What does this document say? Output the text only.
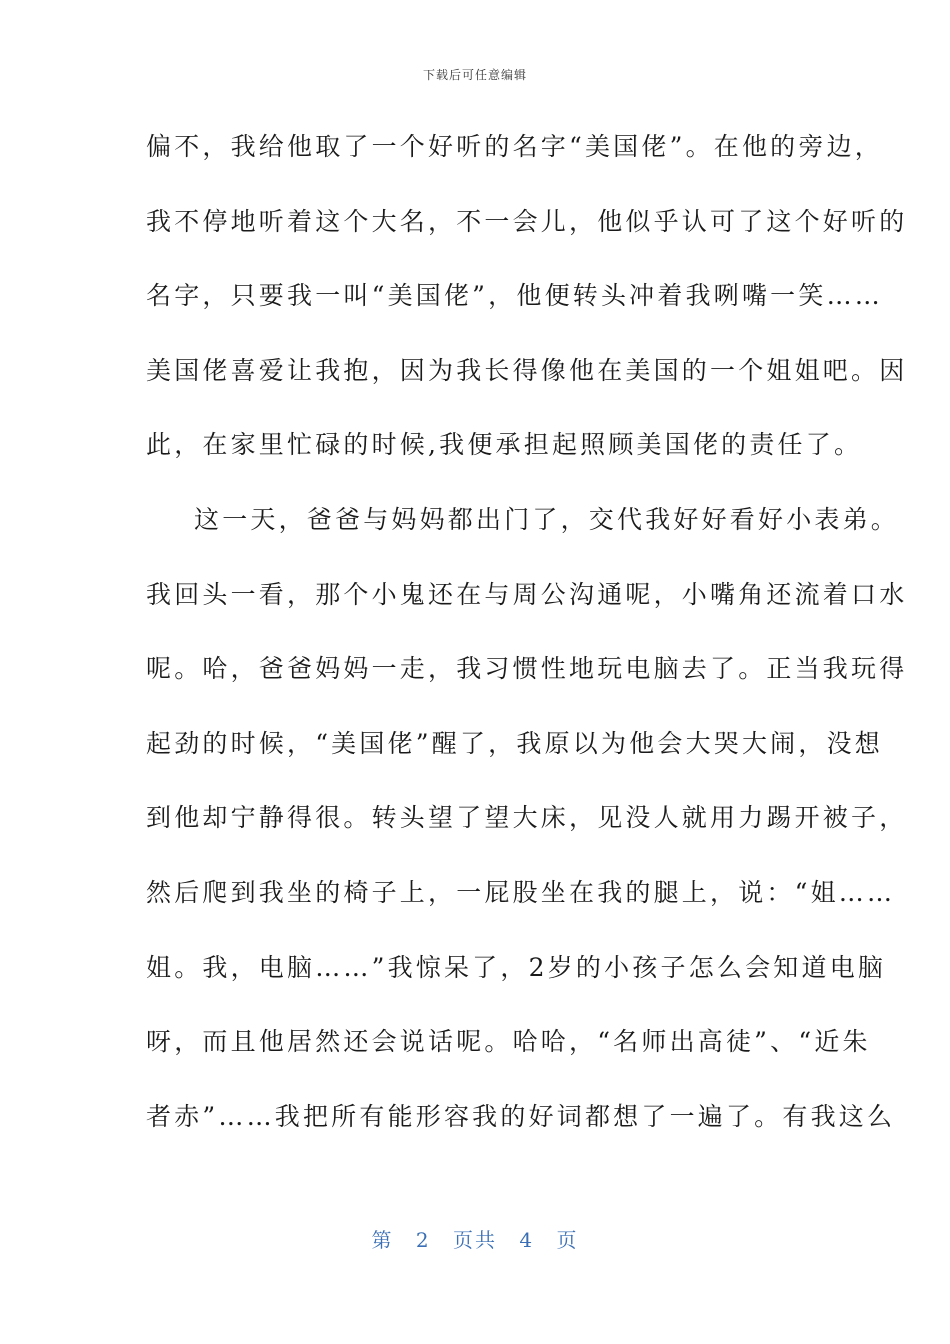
下载后可任意编辑
偏不，我给他取了一个好听的名字“美国佬”。在他的旁边，
我不停地听着这个大名，不一会儿，他似乎认可了这个好听的
名字，只要我一叫“美国佬”，他便转头冲着我咧嘴一笑……
美国佬喜爱让我抱，因为我长得像他在美国的一个姐姐吧。因
此，在家里忙碌的时候,我便承担起照顾美国佬的责任了。
这一天，爸爸与妈妈都出门了，交代我好好看好小表弟。
我回头一看，那个小鬼还在与周公沟通呢，小嘴角还流着口水
呢。哈，爸爸妈妈一走，我习惯性地玩电脑去了。正当我玩得
起劲的时候，“美国佬”醒了，我原以为他会大哭大闹，没想
到他却宁静得很。转头望了望大床，见没人就用力踢开被子，
然后爬到我坐的椅子上，一屁股坐在我的腿上，说：“姐……
姐。我，电脑……”我惊呆了，2岁的小孩子怎么会知道电脑
呀，而且他居然还会说话呢。哈哈，“名师出高徒”、“近朱
者赤”……我把所有能形容我的好词都想了一遍了。有我这么
第 2 页共 4 页
